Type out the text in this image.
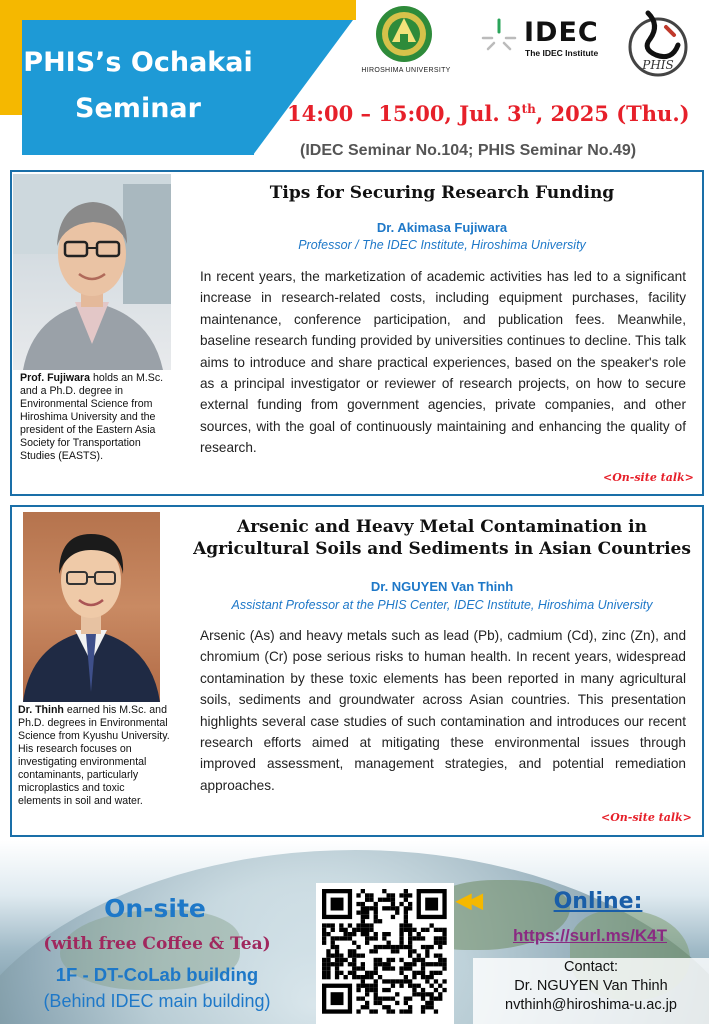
PHIS’s Ochakai
Seminar
HIROSHIMA UNIVERSITY
IDEC
The IDEC Institute
PHIS
14:00 – 15:00, Jul. 3th, 2025 (Thu.)
(IDEC Seminar No.104; PHIS Seminar No.49)
Prof. Fujiwara holds an M.Sc. and a Ph.D. degree in Environmental Science from Hiroshima University and the president of the Eastern Asia Society for Transportation Studies (EASTS).
Tips for Securing Research Funding
Dr. Akimasa Fujiwara
Professor / The IDEC Institute, Hiroshima University
In recent years, the marketization of academic activities has led to a significant increase in research-related costs, including equipment purchases, facility maintenance, conference participation, and publication fees. Meanwhile, baseline research funding provided by universities continues to decline. This talk aims to introduce and share practical experiences, based on the speaker's role as a principal investigator or reviewer of research projects, on how to secure external funding from government agencies, private companies, and other sources, with the goal of continuously maintaining and enhancing the quality of research.
<On-site talk>
Dr. Thinh earned his M.Sc. and Ph.D. degrees in Environmental Science from Kyushu University. His research focuses on investigating environmental contaminants, particularly microplastics and toxic elements in soil and water.
Arsenic and Heavy Metal Contamination in
Agricultural Soils and Sediments in Asian Countries
Dr. NGUYEN Van Thinh
Assistant Professor at the PHIS Center, IDEC Institute, Hiroshima University
Arsenic (As) and heavy metals such as lead (Pb), cadmium (Cd), zinc (Zn), and chromium (Cr) pose serious risks to human health. In recent years, widespread contamination by these toxic elements has been reported in many agricultural soils, sediments and groundwater across Asian countries. This presentation highlights several case studies of such contamination and introduces our recent research efforts aimed at mitigating these environmental issues through improved assessment, management strategies, and potential remediation approaches.
<On-site talk>
On-site
(with free Coffee & Tea)
1F - DT-CoLab building
(Behind IDEC main building)
◀◀	Online:
https://surl.ms/K4T
Contact:
Dr. NGUYEN Van Thinh
nvthinh@hiroshima-u.ac.jp
